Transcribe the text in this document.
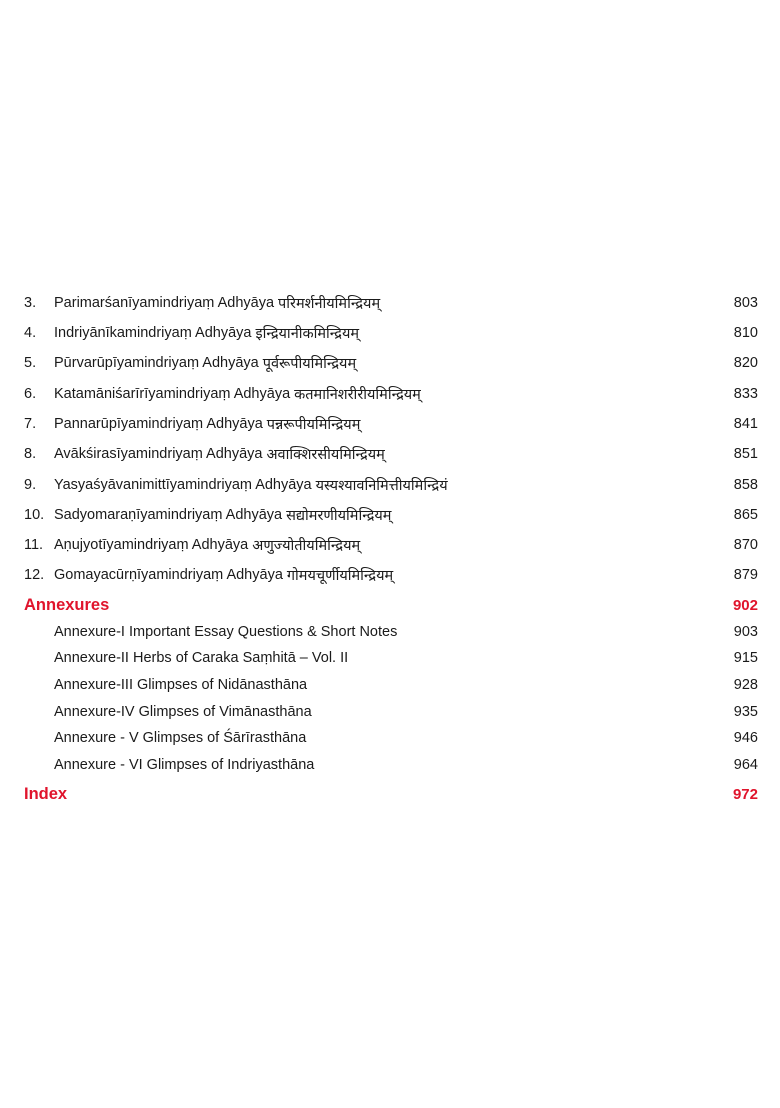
3.	Parimarśanīyamindriyaṃ Adhyāya परिमर्शनीयमिन्द्रियम्	803
4.	Indriyānīkamindriyaṃ Adhyāya इन्द्रियानीकमिन्द्रियम्	810
5.	Pūrvarūpīyamindriyaṃ Adhyāya पूर्वरूपीयमिन्द्रियम्	820
6.	Katamāniśarīrīyamindriyaṃ Adhyāya कतमानिशरीरीयमिन्द्रियम्	833
7.	Pannarūpīyamindriyaṃ Adhyāya पन्नरूपीयमिन्द्रियम्	841
8.	Avākśirasīyamindriyaṃ Adhyāya अवाक्शिरसीयमिन्द्रियम्	851
9.	Yasyaśyāvanimittīyamindriyaṃ Adhyāya यस्यश्यावनिमित्तीयमिन्द्रियं	858
10. Sadyomaraṇīyamindriyaṃ Adhyāya सद्योमरणीयमिन्द्रियम्	865
11. Aṇujyotīyamindriyaṃ Adhyāya अणुज्योतीयमिन्द्रियम्	870
12. Gomayacūrṇīyamindriyaṃ Adhyāya गोमयचूर्णीयमिन्द्रियम्	879
Annexures	902
Annexure-I Important Essay Questions & Short Notes	903
Annexure-II Herbs of Caraka Saṃhitā – Vol. II	915
Annexure-III Glimpses of Nidānasthāna	928
Annexure-IV Glimpses of Vimānasthāna	935
Annexure - V Glimpses of Śārīrasthāna	946
Annexure - VI Glimpses of Indriyasthāna	964
Index	972
